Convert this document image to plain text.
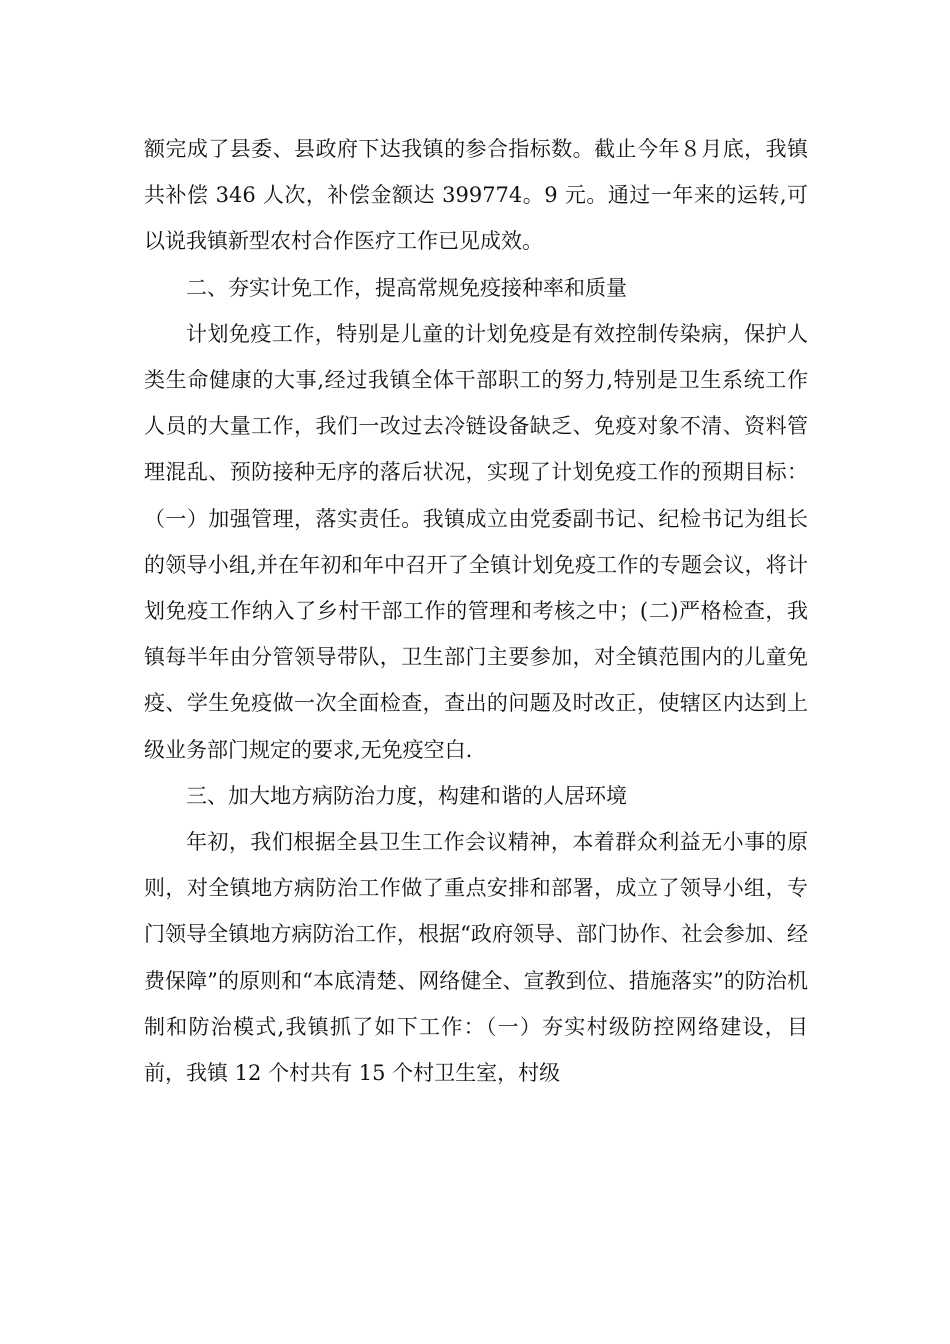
额完成了县委、县政府下达我镇的参合指标数。截止今年８月底，我镇共补偿 346 人次，补偿金额达 399774。9 元。通过一年来的运转,可以说我镇新型农村合作医疗工作已见成效。

二、夯实计免工作，提高常规免疫接种率和质量

计划免疫工作，特别是儿童的计划免疫是有效控制传染病，保护人类生命健康的大事,经过我镇全体干部职工的努力,特别是卫生系统工作人员的大量工作，我们一改过去冷链设备缺乏、免疫对象不清、资料管理混乱、预防接种无序的落后状况，实现了计划免疫工作的预期目标：（一）加强管理，落实责任。我镇成立由党委副书记、纪检书记为组长的领导小组,并在年初和年中召开了全镇计划免疫工作的专题会议，将计划免疫工作纳入了乡村干部工作的管理和考核之中；(二)严格检查，我镇每半年由分管领导带队，卫生部门主要参加，对全镇范围内的儿童免疫、学生免疫做一次全面检查，查出的问题及时改正，使辖区内达到上级业务部门规定的要求,无免疫空白.

三、加大地方病防治力度，构建和谐的人居环境

年初，我们根据全县卫生工作会议精神，本着群众利益无小事的原则，对全镇地方病防治工作做了重点安排和部署，成立了领导小组，专门领导全镇地方病防治工作，根据“政府领导、部门协作、社会参加、经费保障”的原则和“本底清楚、网络健全、宣教到位、措施落实”的防治机制和防治模式,我镇抓了如下工作：（一）夯实村级防控网络建设，目前，我镇 12 个村共有 15 个村卫生室，村级
